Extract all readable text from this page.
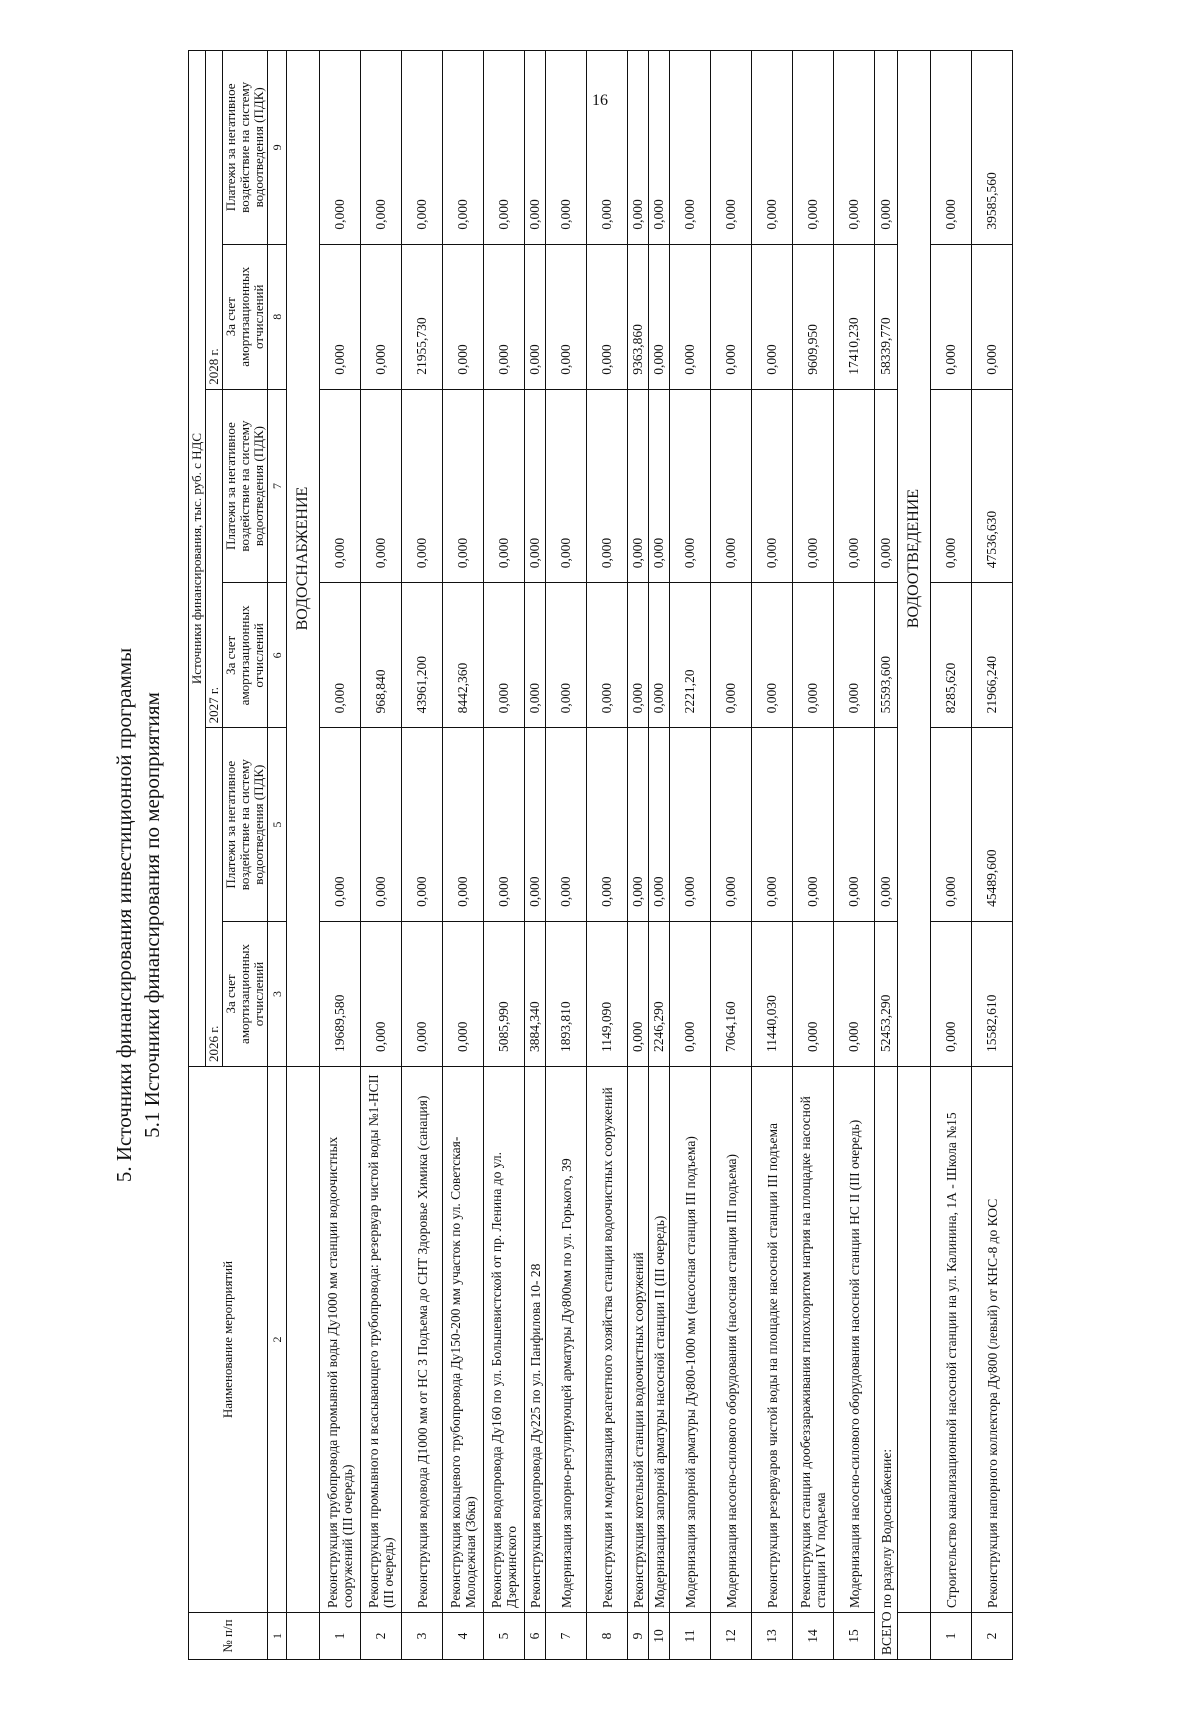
16
5. Источники финансирования инвестиционной программы 5.1 Источники финансирования по мероприятиям
№ п/п	Наименование мероприятий	Источники финансирования, тыс. руб. с НДС					
		2026 г.		2027 г.		2028 г.	
		За счет амортизационных отчислений	Платежи за негативное воздействие на систему водоотведения (ПДК)	За счет амортизационных отчислений	Платежи за негативное воздействие на систему водоотведения (ПДК)	За счет амортизационных отчислений	Платежи за негативное воздействие на систему водоотведения (ПДК)
1	2	3	5	6	7	8	9
		ВОДОСНАБЖЕНИЕ					
1	Реконструкция трубопровода промывной воды Ду1000 мм станции водоочистных сооружений (III очередь)	19689,580	0,000	0,000	0,000	0,000	0,000
2	Реконструкция промывного и всасывающего трубопровода: резервуар чистой воды №1-НСII (III очередь)	0,000	0,000	968,840	0,000	0,000	0,000
3	Реконструкция водовода Д1000 мм от НС 3 Подъема до СНТ Здоровье Химика (санация)	0,000	0,000	43961,200	0,000	21955,730	0,000
4	Реконструкция кольцевого трубопровода Ду150-200 мм участок по ул. Советская-Молодежная (36кв)	0,000	0,000	8442,360	0,000	0,000	0,000
5	Реконструкция водопровода Ду160 по ул. Большевистской от пр. Ленина до ул. Дзержинского	5085,990	0,000	0,000	0,000	0,000	0,000
6	Реконструкция водопровода Ду225 по ул. Панфилова 10- 28	3884,340	0,000	0,000	0,000	0,000	0,000
7	Модернизация запорно-регулирующей арматуры Ду800мм по ул. Горького, 39	1893,810	0,000	0,000	0,000	0,000	0,000
8	Реконструкция и модернизация реагентного хозяйства станции водоочистных сооружений	1149,090	0,000	0,000	0,000	0,000	0,000
9	Реконструкция котельной станции водоочистных сооружений	0,000	0,000	0,000	0,000	9363,860	0,000
10	Модернизация запорной арматуры насосной станции II (III очередь)	2246,290	0,000	0,000	0,000	0,000	0,000
11	Модернизация запорной арматуры Ду800-1000 мм (насосная станция III подъема)	0,000	0,000	2221,20	0,000	0,000	0,000
12	Модернизация насосно-силового оборудования (насосная станция III подъема)	7064,160	0,000	0,000	0,000	0,000	0,000
13	Реконструкция резервуаров чистой воды на площадке насосной станции III подъема	11440,030	0,000	0,000	0,000	0,000	0,000
14	Реконструкция станции дообеззараживания гипохлоритом натрия на площадке насосной станции IV подъема	0,000	0,000	0,000	0,000	9609,950	0,000
15	Модернизация насосно-силового оборудования насосной станции НС II (III очередь)	0,000	0,000	0,000	0,000	17410,230	0,000
ВСЕГО по разделу Водоснабжение:		52453,290	0,000	55593,600	0,000	58339,770	0,000
		ВОДООТВЕДЕНИЕ					
1	Строительство канализационной насосной станции на ул. Калинина, 1А - Школа №15	0,000	0,000	8285,620	0,000	0,000	0,000
2	Реконструкция напорного коллектора Ду800 (левый) от КНС-8 до КОС	15582,610	45489,600	21966,240	47536,630	0,000	39585,560
